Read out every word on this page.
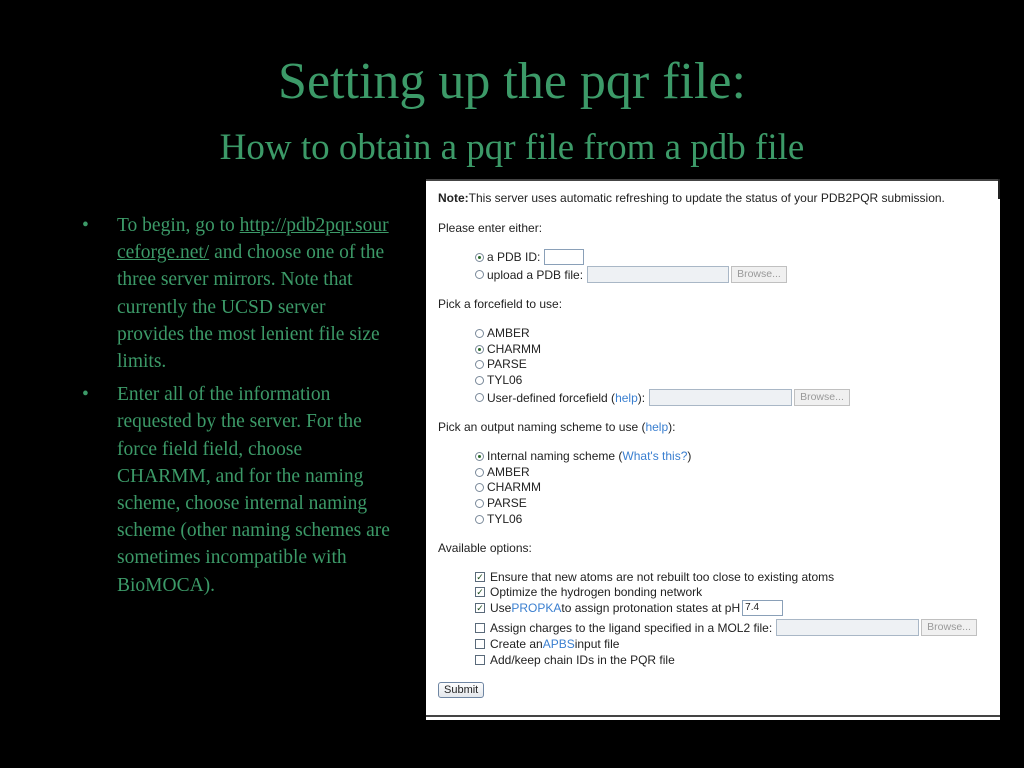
Setting up the pqr file:
How to obtain a pqr file from a pdb file
• To begin, go to http://pdb2pqr.sourceforge.net/ and choose one of the three server mirrors. Note that currently the UCSD server provides the most lenient file size limits.
• Enter all of the information requested by the server. For the force field field, choose CHARMM, and for the naming scheme, choose internal naming scheme (other naming schemes are sometimes incompatible with BioMOCA).
Note: This server uses automatic refreshing to update the status of your PDB2PQR submission.
Please enter either:
a PDB ID:
upload a PDB file:	Browse...
Pick a forcefield to use:
AMBER
CHARMM
PARSE
TYL06
User-defined forcefield ( help ):	Browse...
Pick an output naming scheme to use ( help ):
Internal naming scheme ( What's this? )
AMBER
CHARMM
PARSE
TYL06
Available options:
✓ Ensure that new atoms are not rebuilt too close to existing atoms
✓ Optimize the hydrogen bonding network
✓ Use PROPKA to assign protonation states at pH 7.4
Assign charges to the ligand specified in a MOL2 file:	Browse...
Create an APBS input file
Add/keep chain IDs in the PQR file
Submit
